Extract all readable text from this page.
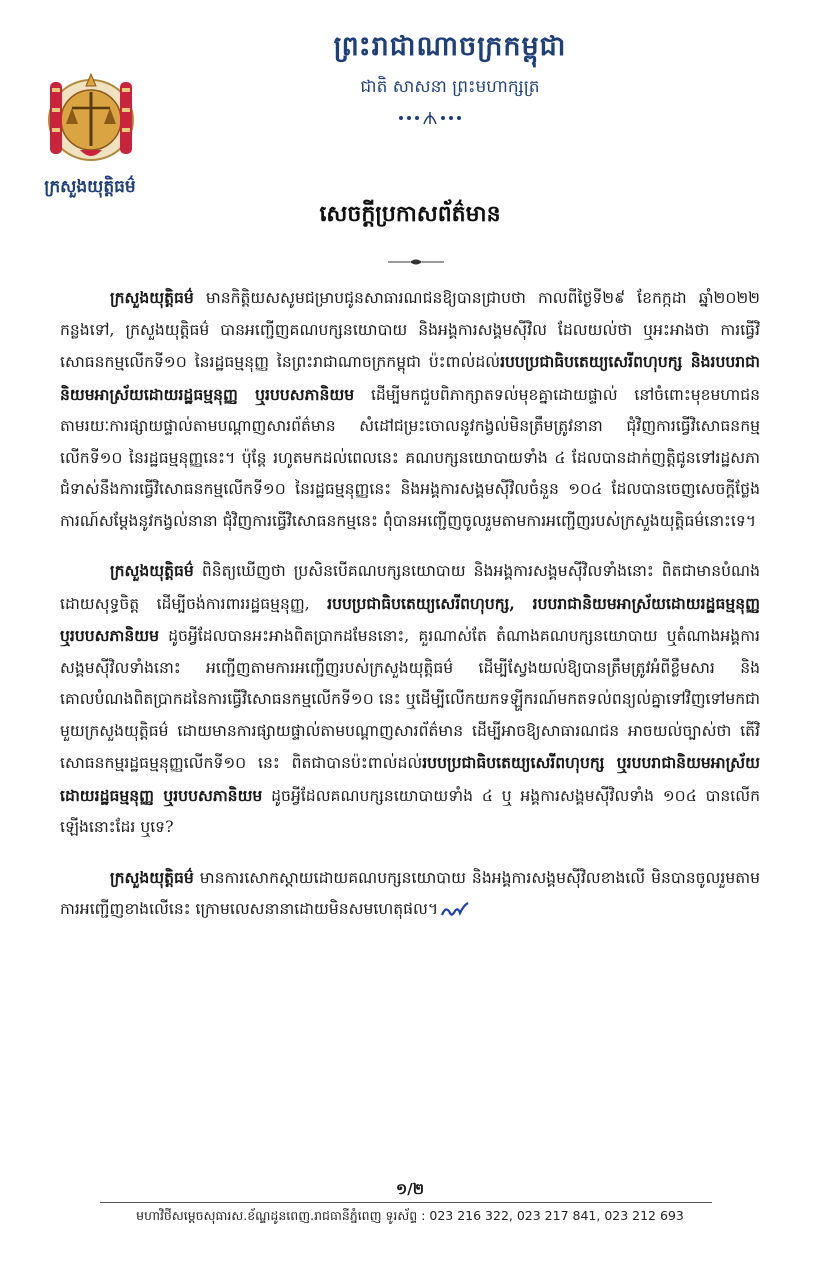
ក្រសួងយុត្តិធម៌
ព្រះរាជាណាចក្រកម្ពុជា
ជាតិ សាសនា ព្រះមហាក្សត្រ
សេចក្តីប្រកាសព័ត៌មាន

ក្រសួងយុត្តិធម៌ មានកិត្តិយសសូមជម្រាបជូនសាធារណជនឱ្យបានជ្រាបថា កាលពីថ្ងៃទី២៩ ខែកក្កដា ឆ្នាំ២០២២ កន្លងទៅ, ក្រសួងយុត្តិធម៌ បានអញ្ជើញគណបក្សនយោបាយ និងអង្គការសង្គមស៊ីវិល ដែលយល់ថា ឬអះអាងថា ការធ្វើវិសោធនកម្មលើកទី១០ នៃរដ្ឋធម្មនុញ្ញ នៃព្រះរាជាណាចក្រកម្ពុជា ប៉ះពាល់ដល់របបប្រជាធិបតេយ្យសេរីពហុបក្ស និងរបបរាជានិយមអាស្រ័យដោយរដ្ឋធម្មនុញ្ញ ឬរបបសភានិយម ដើម្បីមកជួបពិភាក្សាតទល់មុខគ្នាដោយផ្ទាល់ នៅចំពោះមុខមហាជន តាមរយៈការផ្សាយផ្ទាល់តាមបណ្តាញសារព័ត៌មាន សំដៅជម្រះចោលនូវកង្វល់មិនត្រឹមត្រូវនានា ជុំវិញការធ្វើវិសោធនកម្មលើកទី១០ នៃរដ្ឋធម្មនុញ្ញនេះ។ ប៉ុន្តែ រហូតមកដល់ពេលនេះ គណបក្សនយោបាយទាំង ៤ ដែលបានដាក់ញត្តិជូនទៅរដ្ឋសភា ជំទាស់នឹងការធ្វើវិសោធនកម្មលើកទី១០ នៃរដ្ឋធម្មនុញ្ញនេះ និងអង្គការសង្គមស៊ីវិលចំនួន ១០៤ ដែលបានចេញសេចក្តីថ្លែងការណ៍សម្តែងនូវកង្វល់នានា ជុំវិញការធ្វើវិសោធនកម្មនេះ ពុំបានអញ្ជើញចូលរួមតាមការអញ្ជើញរបស់ក្រសួងយុត្តិធម៌នោះទេ។

ក្រសួងយុត្តិធម៌ ពិនិត្យឃើញថា ប្រសិនបើគណបក្សនយោបាយ និងអង្គការសង្គមស៊ីវិលទាំងនោះ ពិតជាមានបំណងដោយសុទ្ធចិត្ត ដើម្បីចង់ការពាររដ្ឋធម្មនុញ្ញ, របបប្រជាធិបតេយ្យសេរីពហុបក្ស, របបរាជានិយមអាស្រ័យដោយរដ្ឋធម្មនុញ្ញ ឬរបបសភានិយម ដូចអ្វីដែលបានអះអាងពិតប្រាកដមែននោះ, គួរណាស់តែ តំណាងគណបក្សនយោបាយ ឬតំណាងអង្គការសង្គមស៊ីវិលទាំងនោះ អញ្ជើញតាមការអញ្ជើញរបស់ក្រសួងយុត្តិធម៌ ដើម្បីស្វែងយល់ឱ្យបានត្រឹមត្រូវអំពីខ្លឹមសារ និងគោលបំណងពិតប្រាកដនៃការធ្វើវិសោធនកម្មលើកទី១០ នេះ ឬដើម្បីលើកយកទឡ្ហីករណ៍មកតទល់ពន្យល់គ្នាទៅវិញទៅមកជាមួយក្រសួងយុត្តិធម៌ ដោយមានការផ្សាយផ្ទាល់តាមបណ្តាញសារព័ត៌មាន ដើម្បីអាចឱ្យសាធារណជន អាចយល់ច្បាស់ថា តើវិសោធនកម្មរដ្ឋធម្មនុញ្ញលើកទី១០ នេះ ពិតជាបានប៉ះពាល់ដល់របបប្រជាធិបតេយ្យសេរីពហុបក្ស ឬរបបរាជានិយមអាស្រ័យដោយរដ្ឋធម្មនុញ្ញ ឬរបបសភានិយម ដូចអ្វីដែលគណបក្សនយោបាយទាំង ៤ ឬ អង្គការសង្គមស៊ីវិលទាំង ១០៤ បានលើកឡើងនោះដែរ ឬទេ?

ក្រសួងយុត្តិធម៌ មានការសោកស្តាយដោយគណបក្សនយោបាយ និងអង្គការសង្គមស៊ីវិលខាងលើ មិនបានចូលរួមតាមការអញ្ជើញខាងលើនេះ ក្រោមលេសនានាដោយមិនសមហេតុផល។

១/២
មហាវិថីសម្តេចសុធារស.ខ័ណ្ឌដូនពេញ.រាជធានីភ្នំពេញ ទូរស័ព្ទ : 023 216 322, 023 217 841, 023 212 693
